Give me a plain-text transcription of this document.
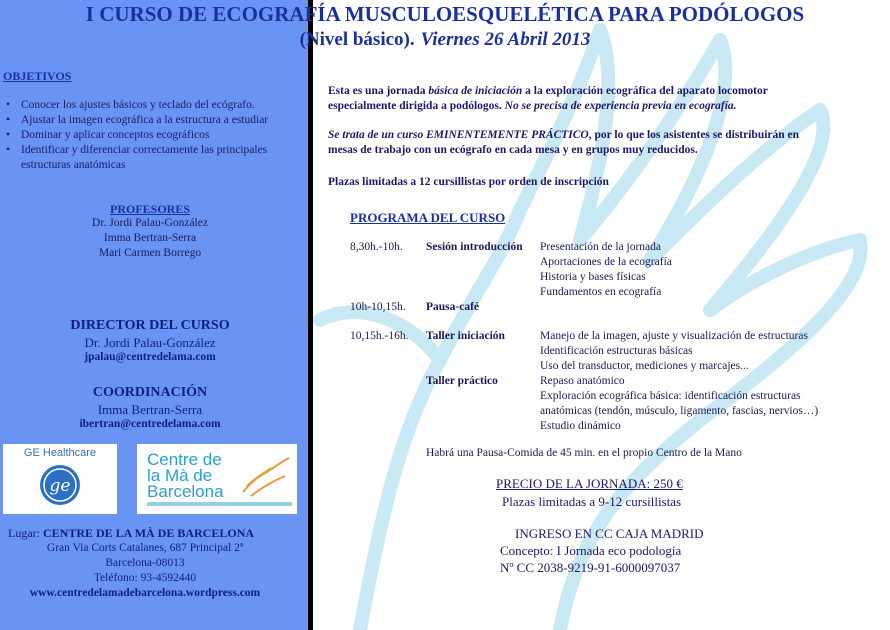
I CURSO DE ECOGRAFÍA MUSCULOESQUELÉTICA PARA PODÓLOGOS
(Nivel básico). Viernes 26 Abril 2013
OBJETIVOS
• Conocer los ajustes básicos y teclado del ecógrafo.
• Ajustar la imagen ecográfica a la estructura a estudiar
• Dominar y aplicar conceptos ecográficos
• Identificar y diferenciar correctamente las principales estructuras anatómicas
PROFESORES
Dr. Jordi Palau-González
Imma Bertran-Serra
Mari Carmen Borrego
DIRECTOR DEL CURSO
Dr. Jordi Palau-González
jpalau@centredelama.com
COORDINACIÓN
Imma Bertran-Serra
ibertran@centredelama.com
GE Healthcare
ge
Centre de
la Mà de
Barcelona
Lugar: CENTRE DE LA MÀ DE BARCELONA
Gran Via Corts Catalanes, 687 Principal 2ª
Barcelona-08013
Teléfono: 93-4592440
www.centredelamadebarcelona.wordpress.com
Esta es una jornada básica de iniciación a la exploración ecográfica del aparato locomotor
especialmente dirigida a podólogos. No se precisa de experiencia previa en ecografía.
Se trata de un curso EMINENTEMENTE PRÁCTICO, por lo que los asistentes se distribuirán en
mesas de trabajo con un ecógrafo en cada mesa y en grupos muy reducidos.
Plazas limitadas a 12 cursillistas por orden de inscripción
PROGRAMA DEL CURSO
8,30h.-10h. Sesión introducción Presentación de la jornada
Aportaciones de la ecografía
Historia y bases físicas
Fundamentos en ecografía
10h-10,15h. Pausa-café
10,15h.-16h. Taller iniciación	Manejo de la imagen, ajuste y visualización de estructuras
Identificación estructuras básicas
Uso del transductor, mediciones y marcajes...
Taller práctico	Repaso anatómico
Exploración ecográfica básica: identificación estructuras
anatómicas (tendón, músculo, ligamento, fascias, nervios…)
Estudio dinámico
Habrá una Pausa-Comida de 45 min. en el propio Centro de la Mano
PRECIO DE LA JORNADA: 250 €
Plazas limitadas a 9-12 cursillistas
INGRESO EN CC CAJA MADRID
Concepto: I Jornada eco podología
Nº CC 2038-9219-91-6000097037
